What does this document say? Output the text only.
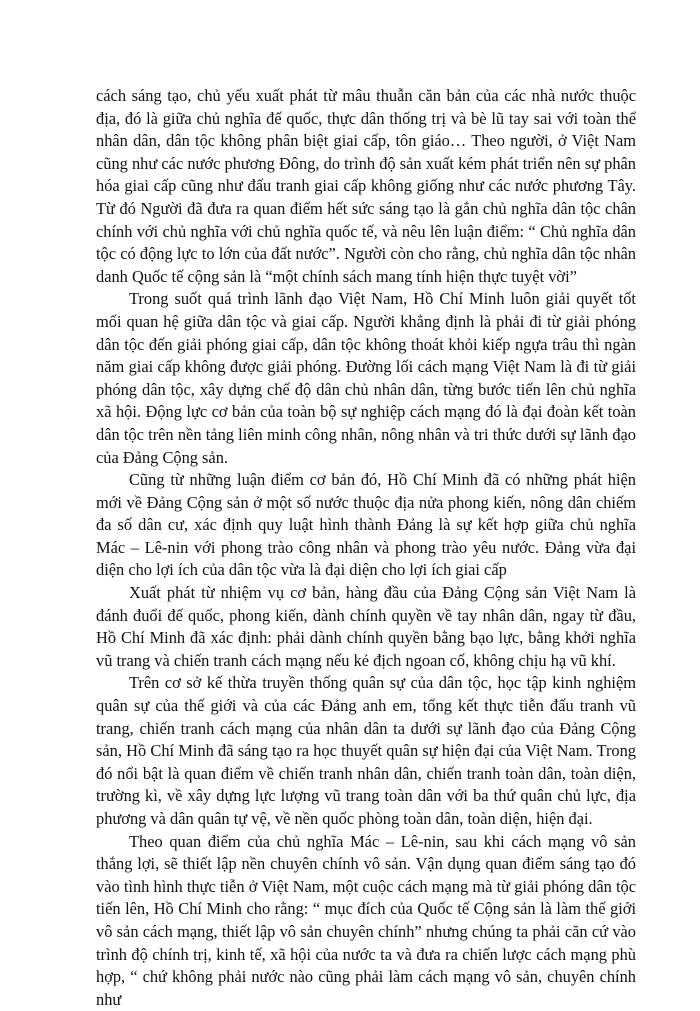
cách sáng tạo, chủ yếu xuất phát từ mâu thuẫn căn bản của các nhà nước thuộc địa, đó là giữa chủ nghĩa đế quốc, thực dân thống trị và bè lũ tay sai với toàn thể nhân dân, dân tộc không phân biệt giai cấp, tôn giáo… Theo người, ở Việt Nam cũng như các nước phương Đông, do trình độ sản xuất kém phát triển nên sự phân hóa giai cấp cũng như đấu tranh giai cấp không giống như các nước phương Tây. Từ đó Người đã đưa ra quan điểm hết sức sáng tạo là gắn chủ nghĩa dân tộc chân chính với chủ nghĩa với chủ nghĩa quốc tế, và nêu lên luận điểm: “ Chủ nghĩa dân tộc có động lực to lớn của đất nước”. Người còn cho rằng, chủ nghĩa dân tộc nhân danh Quốc tế cộng sản là “một chính sách mang tính hiện thực tuyệt vời”

Trong suốt quá trình lãnh đạo Việt Nam, Hồ Chí Minh luôn giải quyết tốt mối quan hệ giữa dân tộc và giai cấp. Người khẳng định là phải đi từ giải phóng dân tộc đến giải phóng giai cấp, dân tộc không thoát khỏi kiếp ngựa trâu thì ngàn năm giai cấp không được giải phóng. Đường lối cách mạng Việt Nam là đi từ giải phóng dân tộc, xây dựng chế độ dân chủ nhân dân, từng bước tiến lên chủ nghĩa xã hội. Động lực cơ bản của toàn bộ sự nghiệp cách mạng đó là đại đoàn kết toàn dân tộc trên nền tảng liên minh công nhân, nông nhân và tri thức dưới sự lãnh đạo của Đảng Cộng sản.

Cũng từ những luận điểm cơ bản đó, Hồ Chí Minh đã có những phát hiện mới về Đảng Cộng sản ở một số nước thuộc địa nửa phong kiến, nông dân chiếm đa số dân cư, xác định quy luật hình thành Đảng là sự kết hợp giữa chủ nghĩa Mác – Lê-nin với phong trào công nhân và phong trào yêu nước. Đảng vừa đại diện cho lợi ích của dân tộc vừa là đại diện cho lợi ích giai cấp

Xuất phát từ nhiệm vụ cơ bản, hàng đầu của Đảng Cộng sản Việt Nam là đánh đuổi đế quốc, phong kiến, dành chính quyền về tay nhân dân, ngay từ đầu, Hồ Chí Minh đã xác định: phải dành chính quyền bằng bạo lực, bằng khởi nghĩa vũ trang và chiến tranh cách mạng nếu kẻ địch ngoan cố, không chịu hạ vũ khí.

Trên cơ sở kế thừa truyền thống quân sự của dân tộc, học tập kinh nghiệm quân sự của thế giới và của các Đảng anh em, tổng kết thực tiễn đấu tranh vũ trang, chiến tranh cách mạng của nhân dân ta dưới sự lãnh đạo của Đảng Cộng sản, Hồ Chí Minh đã sáng tạo ra học thuyết quân sự hiện đại của Việt Nam. Trong đó nổi bật là quan điểm về chiến tranh nhân dân, chiến tranh toàn dân, toàn diện, trường kì, về xây dựng lực lượng vũ trang toàn dân với ba thứ quân chủ lực, địa phương và dân quân tự vệ, về nền quốc phòng toàn dân, toàn diện, hiện đại.

Theo quan điểm của chủ nghĩa Mác – Lê-nin, sau khi cách mạng vô sản thắng lợi, sẽ thiết lập nền chuyên chính vô sản. Vận dụng quan điểm sáng tạo đó vào tình hình thực tiễn ở Việt Nam, một cuộc cách mạng mà từ giải phóng dân tộc tiến lên, Hồ Chí Minh cho rằng: “ mục đích của Quốc tế Cộng sản là làm thế giới vô sản cách mạng, thiết lập vô sản chuyên chính” nhưng chúng ta phải căn cứ vào trình độ chính trị, kinh tế, xã hội của nước ta và đưa ra chiến lược cách mạng phù hợp, “ chứ không phải nước nào cũng phải làm cách mạng vô sản, chuyên chính như
